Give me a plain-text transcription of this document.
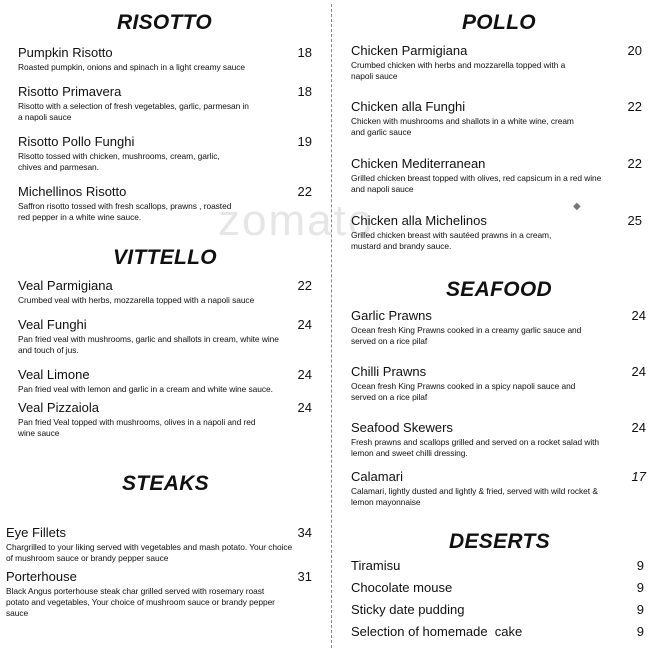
zomato	◆
RISOTTO
Pumpkin Risotto
Roasted pumpkin, onions and spinach in a light creamy sauce
18
Risotto Primavera
Risotto with a selection of fresh vegetables, garlic, parmesan in a napoli sauce
18
Risotto Pollo Funghi
Risotto tossed with chicken, mushrooms, cream, garlic, chives and parmesan.
19
Michellinos Risotto
Saffron risotto tossed with fresh scallops, prawns , roasted red pepper in a white wine sauce.
22
VITTELLO
Veal Parmigiana
Crumbed veal with herbs, mozzarella topped with a napoli sauce
22
Veal Funghi
Pan fried veal with mushrooms, garlic and shallots in cream, white wine and touch of jus.
24
Veal Limone
Pan fried veal with lemon and garlic in a cream and white wine sauce.
24
Veal Pizzaiola
Pan fried Veal topped with mushrooms, olives in a napoli and red wine sauce
24
STEAKS
Eye Fillets
Chargrilled to your liking served with vegetables and mash potato. Your choice of mushroom sauce or brandy pepper sauce
34
Porterhouse
Black Angus porterhouse steak char grilled served with rosemary roast potato and vegetables, Your choice of mushroom sauce or brandy pepper sauce
31
POLLO
Chicken Parmigiana
Crumbed chicken with herbs and mozzarella topped with a napoli sauce
20
Chicken alla Funghi
Chicken with mushrooms and shallots in a white wine, cream and garlic sauce
22
Chicken Mediterranean
Grilled chicken breast topped with olives, red capsicum in a red wine and napoli sauce
22
Chicken alla Michelinos
Grilled chicken breast with sautéed prawns in a cream, mustard and brandy sauce.
25
SEAFOOD
Garlic Prawns
Ocean fresh King Prawns cooked in a creamy garlic sauce and served on a rice pilaf
24
Chilli Prawns
Ocean fresh King Prawns cooked in a spicy napoli sauce and served on a rice pilaf
24
Seafood Skewers
Fresh prawns and scallops grilled and served on a rocket salad with lemon and sweet chilli dressing.
24
Calamari
Calamari, lightly dusted and lightly & fried, served with wild rocket & lemon mayonnaise
17
DESERTS
Tiramisu	9
Chocolate mouse	9
Sticky date pudding	9
Selection of homemade  cake	9
